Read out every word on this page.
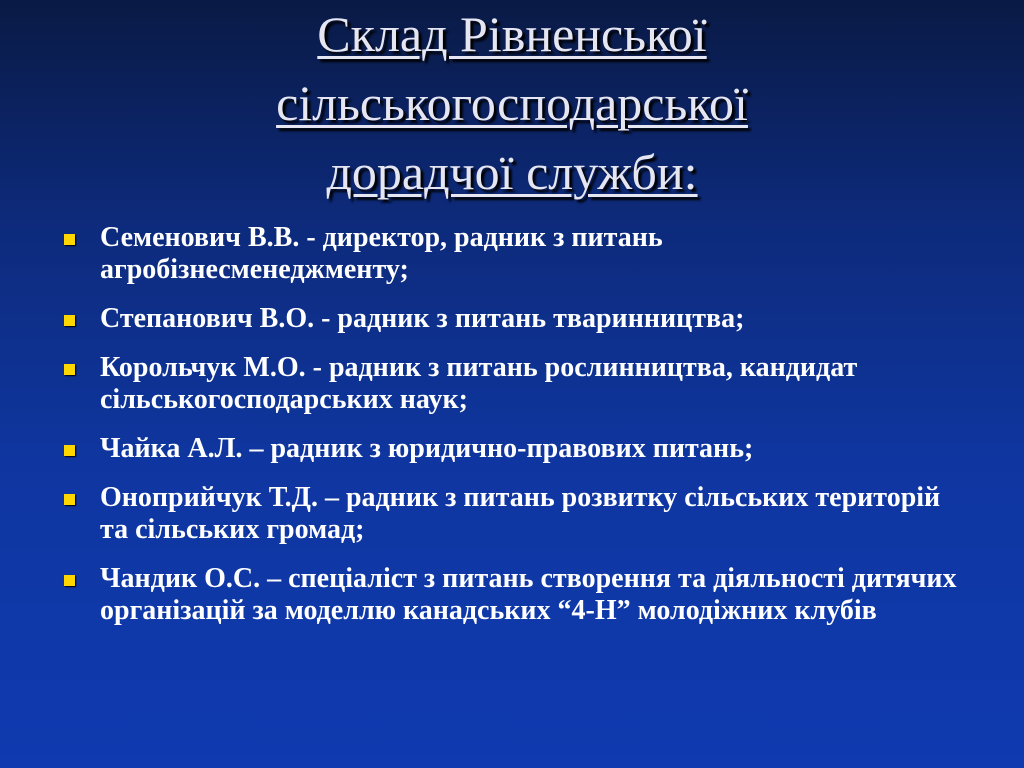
Склад Рівненської
сільськогосподарської
дорадчої служби:
Семенович В.В. - директор, радник з питань агробізнесменеджменту;
Степанович В.О. - радник з питань тваринництва;
Корольчук М.О. - радник з питань рослинництва, кандидат сільськогосподарських наук;
Чайка А.Л. – радник з юридично-правових питань;
Оноприйчук Т.Д. – радник з питань розвитку сільських територій та сільських громад;
Чандик О.С. – спеціаліст з питань створення та діяльності дитячих організацій за моделлю канадських “4-Н” молодіжних клубів
